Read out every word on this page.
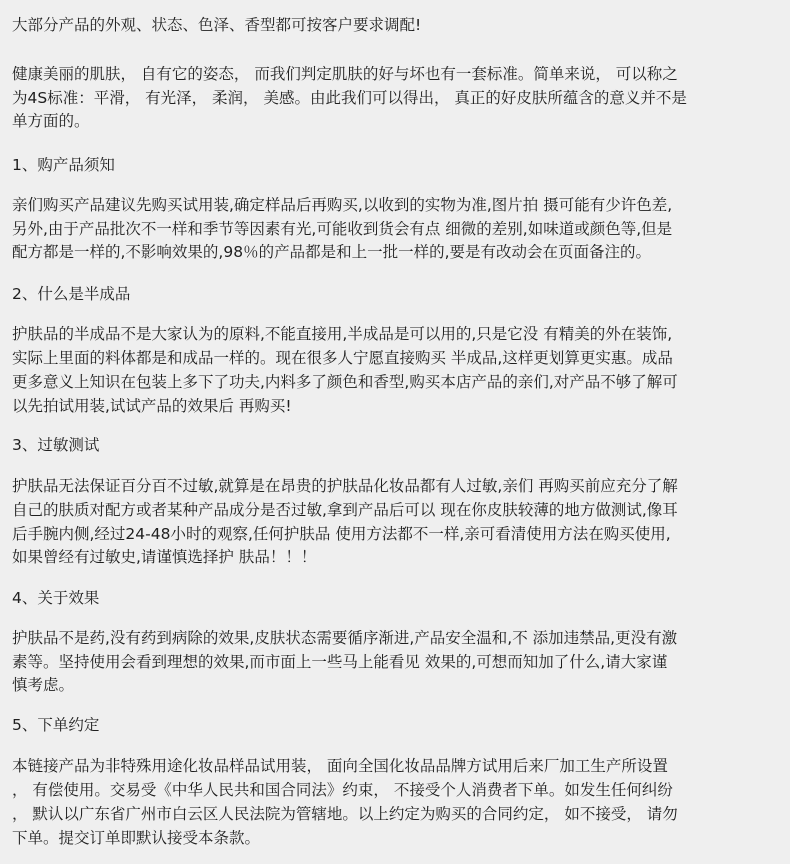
大部分产品的外观、状态、色泽、香型都可按客户要求调配!
健康美丽的肌肤， 自有它的姿态， 而我们判定肌肤的好与坏也有一套标准。简单来说， 可以称之
为4S标准：平滑， 有光泽， 柔润， 美感。由此我们可以得出， 真正的好皮肤所蕴含的意义并不是
单方面的。
1、购产品须知
亲们购买产品建议先购买试用装,确定样品后再购买,以收到的实物为准,图片拍 摄可能有少许色差,
另外,由于产品批次不一样和季节等因素有光,可能收到货会有点 细微的差别,如味道或颜色等,但是
配方都是一样的,不影响效果的,98％的产品都是和上一批一样的,要是有改动会在页面备注的。
2、什么是半成品
护肤品的半成品不是大家认为的原料,不能直接用,半成品是可以用的,只是它没 有精美的外在装饰,
实际上里面的料体都是和成品一样的。现在很多人宁愿直接购买 半成品,这样更划算更实惠。成品
更多意义上知识在包装上多下了功夫,内料多了颜色和香型,购买本店产品的亲们,对产品不够了解可
以先拍试用装,试试产品的效果后 再购买!
3、过敏测试
护肤品无法保证百分百不过敏,就算是在昂贵的护肤品化妆品都有人过敏,亲们 再购买前应充分了解
自己的肤质对配方或者某种产品成分是否过敏,拿到产品后可以 现在你皮肤较薄的地方做测试,像耳
后手腕内侧,经过24-48小时的观察,任何护肤品 使用方法都不一样,亲可看清使用方法在购买使用,
如果曾经有过敏史,请谨慎选择护 肤品！！！
4、关于效果
护肤品不是药,没有药到病除的效果,皮肤状态需要循序渐进,产品安全温和,不 添加违禁品,更没有激
素等。坚持使用会看到理想的效果,而市面上一些马上能看见 效果的,可想而知加了什么,请大家谨
慎考虑。
5、下单约定
本链接产品为非特殊用途化妆品样品试用装， 面向全国化妆品品牌方试用后来厂加工生产所设置
， 有偿使用。交易受《中华人民共和国合同法》约束， 不接受个人消费者下单。如发生任何纠纷
， 默认以广东省广州市白云区人民法院为管辖地。以上约定为购买的合同约定， 如不接受， 请勿
下单。提交订单即默认接受本条款。
